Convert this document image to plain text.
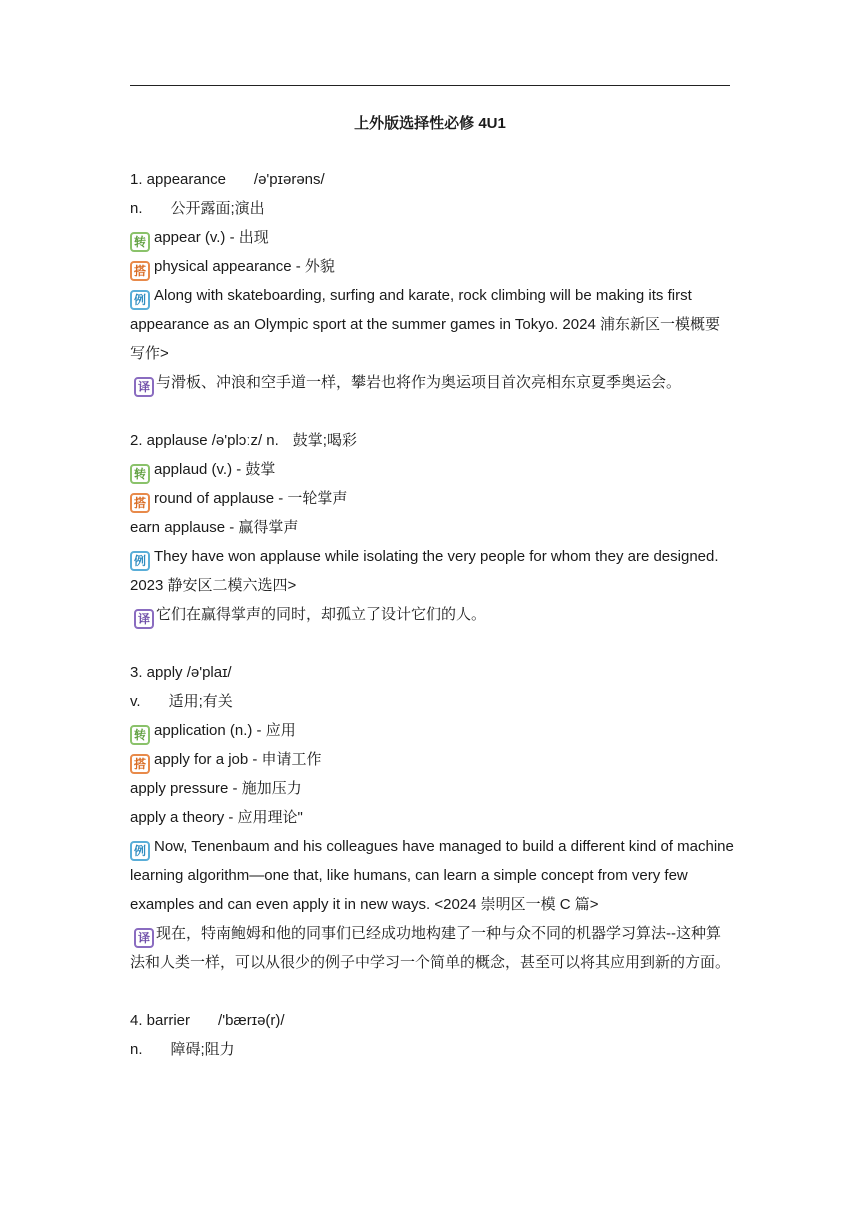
上外版选择性必修 4U1
1. appearance /ə'pɪərəns/
n. 公开露面;演出
转 appear (v.) - 出现
搭 physical appearance - 外貌
例 Along with skateboarding, surfing and karate, rock climbing will be making its first appearance as an Olympic sport at the summer games in Tokyo. 2024 浦东新区一模概要写作>
译 与滑板、冲浪和空手道一样，攀岩也将作为奥运项目首次亮相东京夏季奥运会。
2. applause /ə'plɔːz/ n. 鼓掌;喝彩
转 applaud (v.) - 鼓掌
搭 round of applause - 一轮掌声
earn applause - 赢得掌声
例 They have won applause while isolating the very people for whom they are designed. 2023 静安区二模六选四>
译 它们在赢得掌声的同时，却孤立了设计它们的人。
3. apply /ə'plaɪ/
v. 适用;有关
转 application (n.) - 应用
搭 apply for a job - 申请工作
apply pressure - 施加压力
apply a theory - 应用理论"
例 Now, Tenenbaum and his colleagues have managed to build a different kind of machine learning algorithm—one that, like humans, can learn a simple concept from very few examples and can even apply it in new ways. <2024 崇明区一模 C 篇>
译 现在，特南鲍姆和他的同事们已经成功地构建了一种与众不同的机器学习算法--这种算法和人类一样，可以从很少的例子中学习一个简单的概念，甚至可以将其应用到新的方面。
4. barrier /'bærɪə(r)/
n. 障碍;阻力
